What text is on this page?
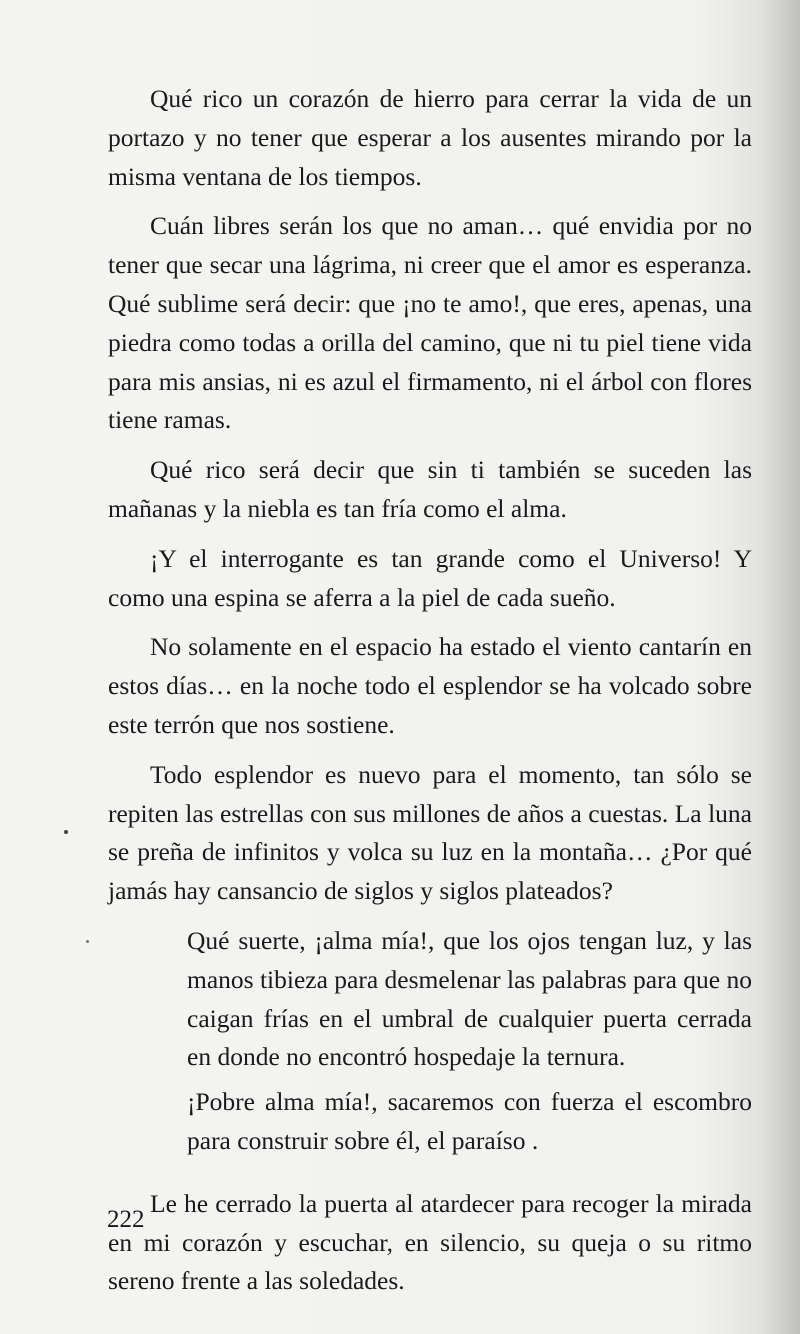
Qué rico un corazón de hierro para cerrar la vida de un portazo y no tener que esperar a los ausentes mirando por la misma ventana de los tiempos.

Cuán libres serán los que no aman… qué envidia por no tener que secar una lágrima, ni creer que el amor es esperanza. Qué sublime será decir: que ¡no te amo!, que eres, apenas, una piedra como todas a orilla del camino, que ni tu piel tiene vida para mis ansias, ni es azul el firmamento, ni el árbol con flores tiene ramas.

Qué rico será decir que sin ti también se suceden las mañanas y la niebla es tan fría como el alma.

¡Y el interrogante es tan grande como el Universo! Y como una espina se aferra a la piel de cada sueño.

No solamente en el espacio ha estado el viento cantarín en estos días… en la noche todo el esplendor se ha volcado sobre este terrón que nos sostiene.

Todo esplendor es nuevo para el momento, tan sólo se repiten las estrellas con sus millones de años a cuestas. La luna se preña de infinitos y volca su luz en la montaña… ¿Por qué jamás hay cansancio de siglos y siglos plateados?

Qué suerte, ¡alma mía!, que los ojos tengan luz, y las manos tibieza para desmelenar las palabras para que no caigan frías en el umbral de cualquier puerta cerrada en donde no encontró hospedaje la ternura.

¡Pobre alma mía!, sacaremos con fuerza el escombro para construir sobre él, el paraíso .

Le he cerrado la puerta al atardecer para recoger la mirada en mi corazón y escuchar, en silencio, su queja o su ritmo sereno frente a las soledades.

222
